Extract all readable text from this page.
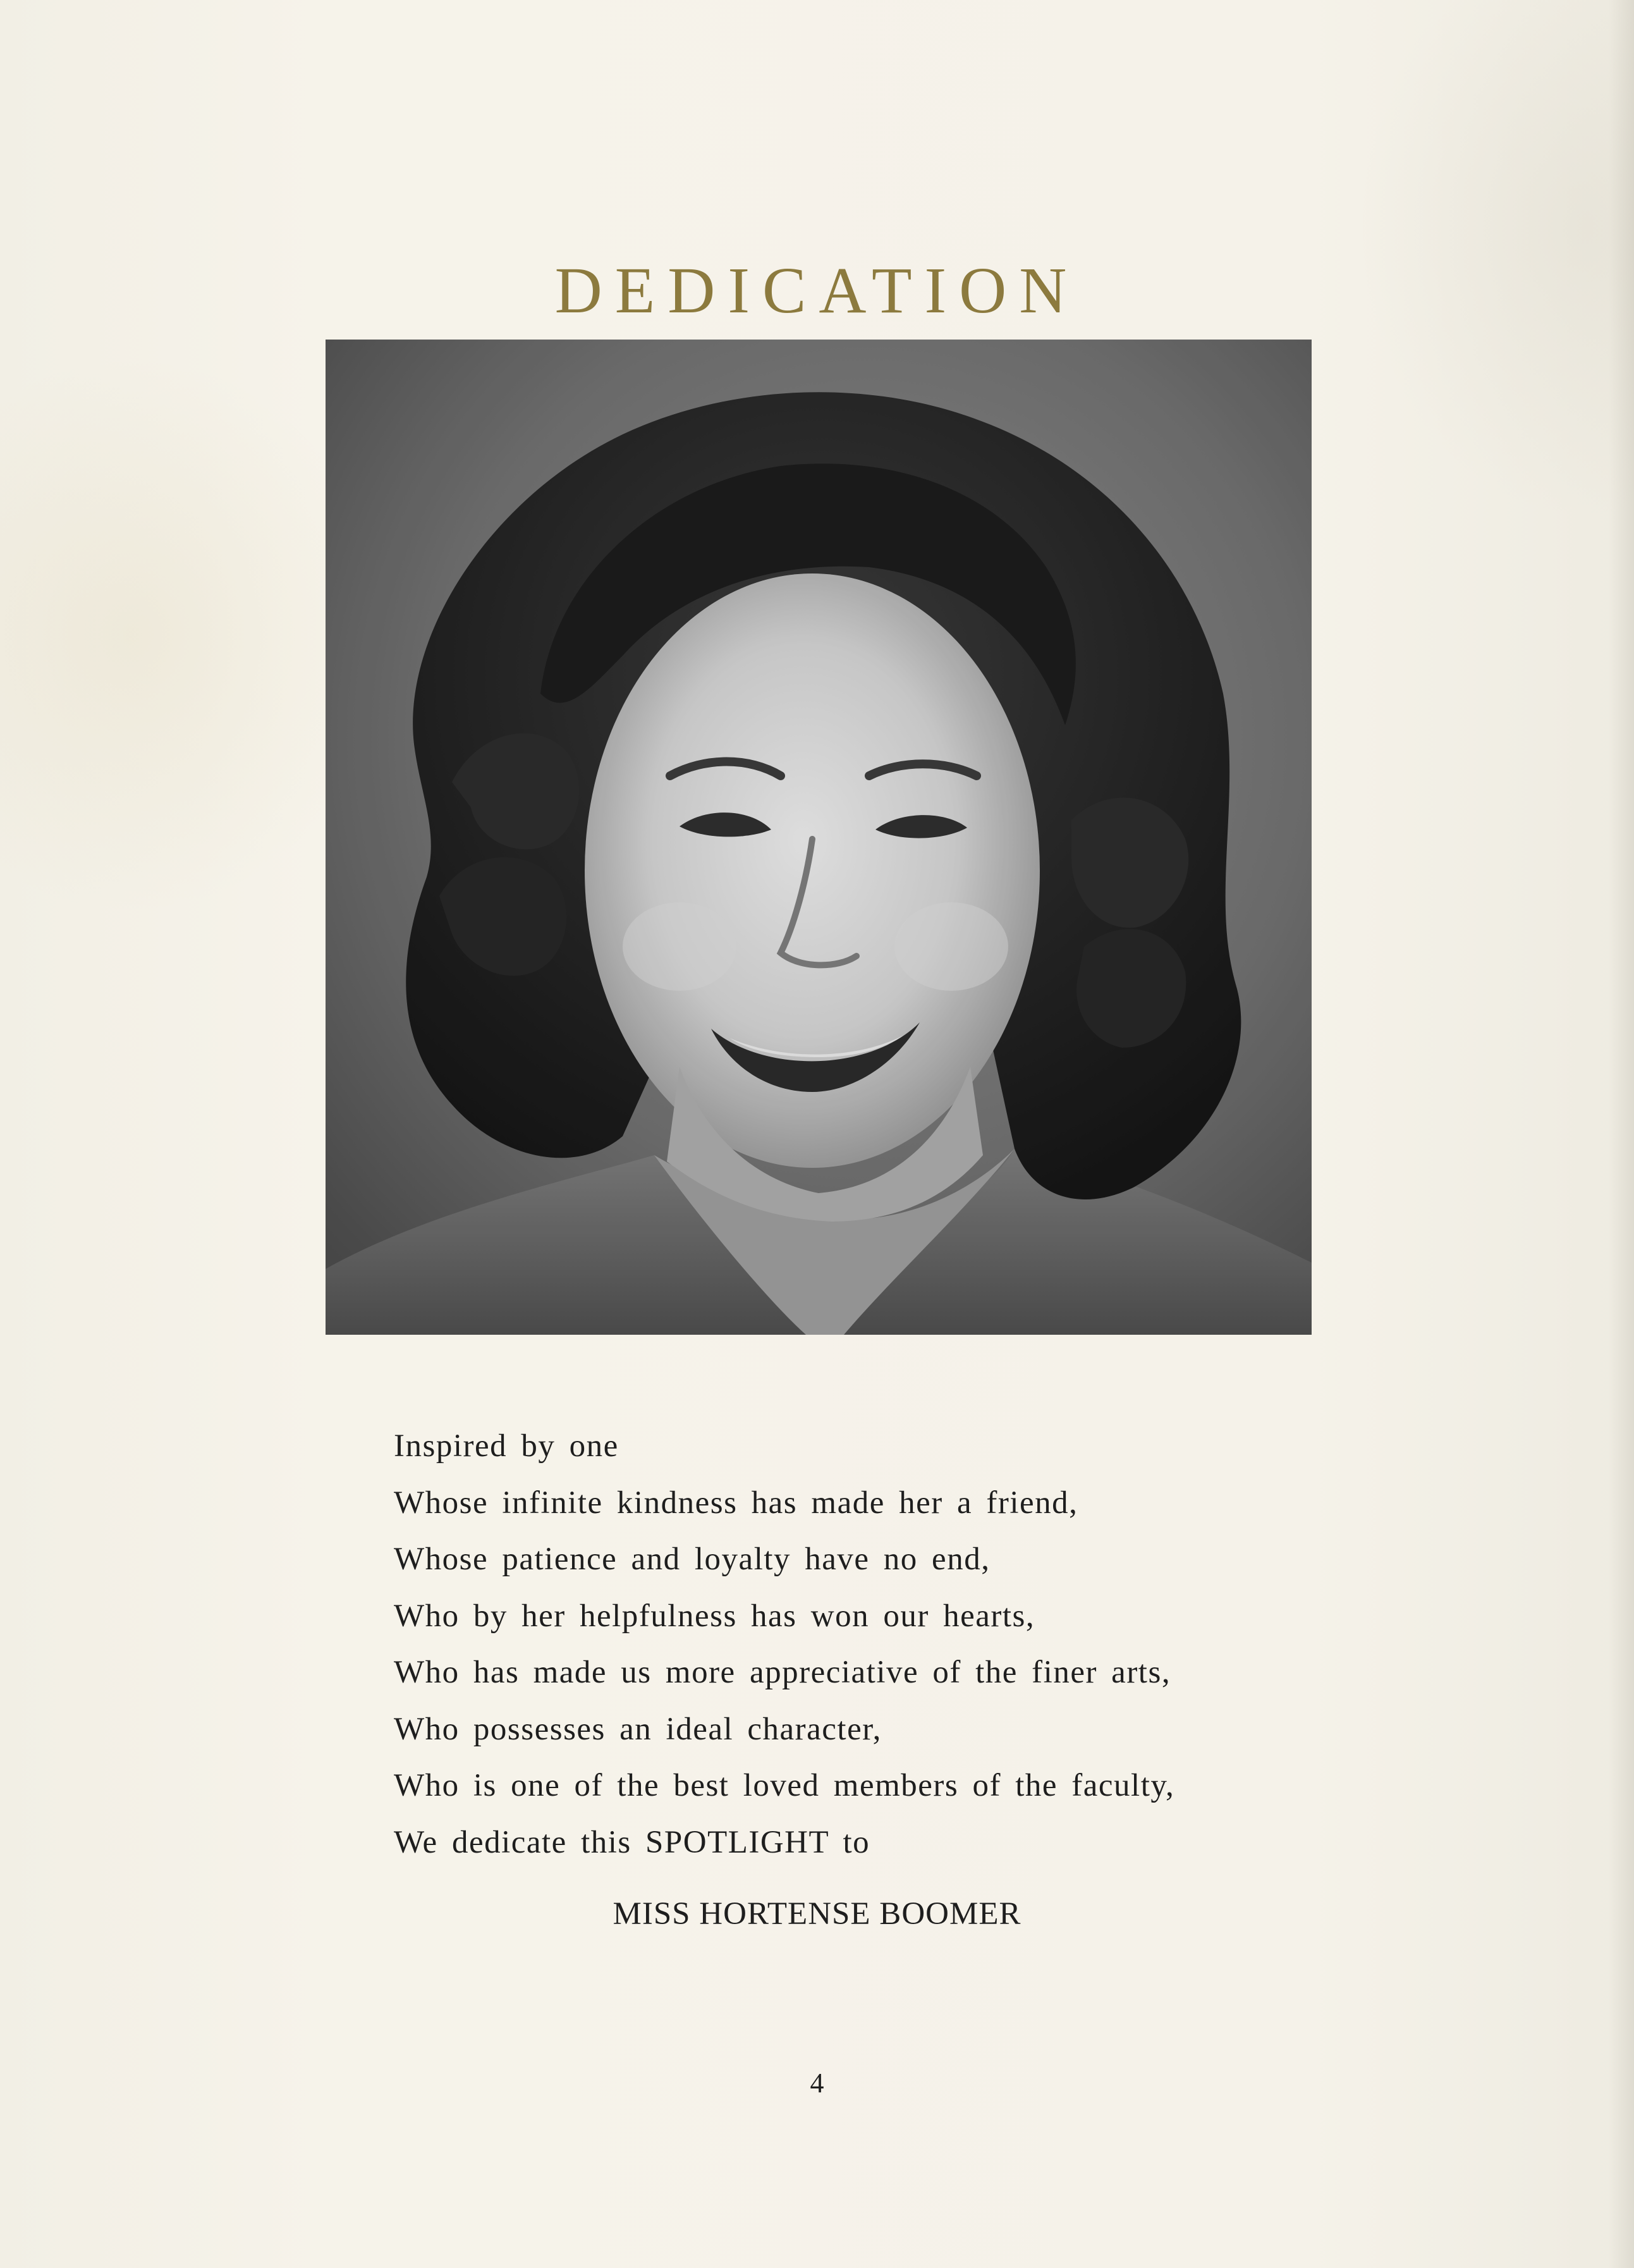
DEDICATION
Inspired by one
Whose infinite kindness has made her a friend,
Whose patience and loyalty have no end,
Who by her helpfulness has won our hearts,
Who has made us more appreciative of the finer arts,
Who possesses an ideal character,
Who is one of the best loved members of the faculty,
We dedicate this SPOTLIGHT to
MISS HORTENSE BOOMER
4
